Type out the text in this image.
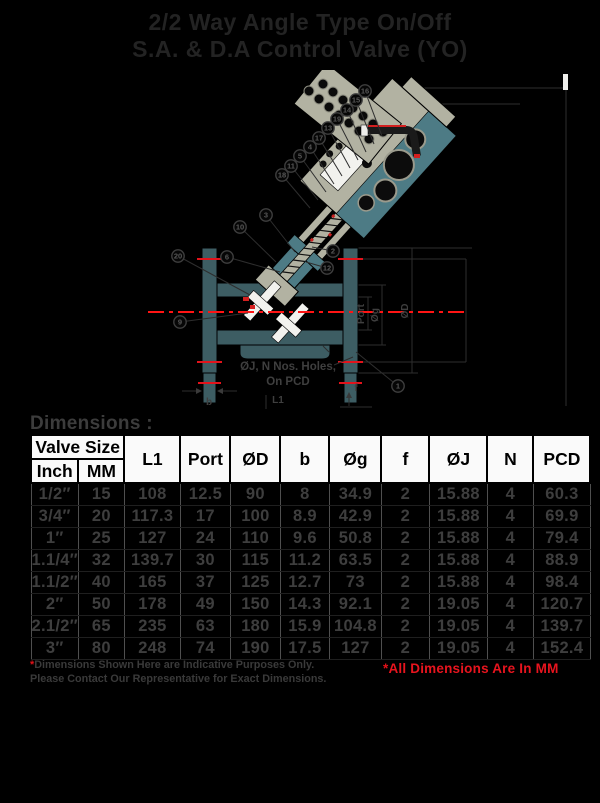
2/2 Way Angle Type On/Off
S.A. & D.A Control Valve (YO)
Port Øg ØD
b
f
L1
ØJ, N Nos. Holes,
On PCD
18
11
5
4
17
13
19
14
15
16
10
3
20	6
9
2
12
1
Dimensions :
Valve Size		L1	Port	ØD	b	Øg	f	ØJ	N	PCD
Inch	MM									
1/2″	15	108	12.5	90	8	34.9	2	15.88	4	60.3
3/4″	20	117.3	17	100	8.9	42.9	2	15.88	4	69.9
1″	25	127	24	110	9.6	50.8	2	15.88	4	79.4
1.1/4″	32	139.7	30	115	11.2	63.5	2	15.88	4	88.9
1.1/2″	40	165	37	125	12.7	73	2	15.88	4	98.4
2″	50	178	49	150	14.3	92.1	2	19.05	4	120.7
2.1/2″	65	235	63	180	15.9	104.8	2	19.05	4	139.7
3″	80	248	74	190	17.5	127	2	19.05	4	152.4
*Dimensions Shown Here are Indicative Purposes Only.
Please Contact Our Representative for Exact Dimensions.
*All Dimensions Are In MM
